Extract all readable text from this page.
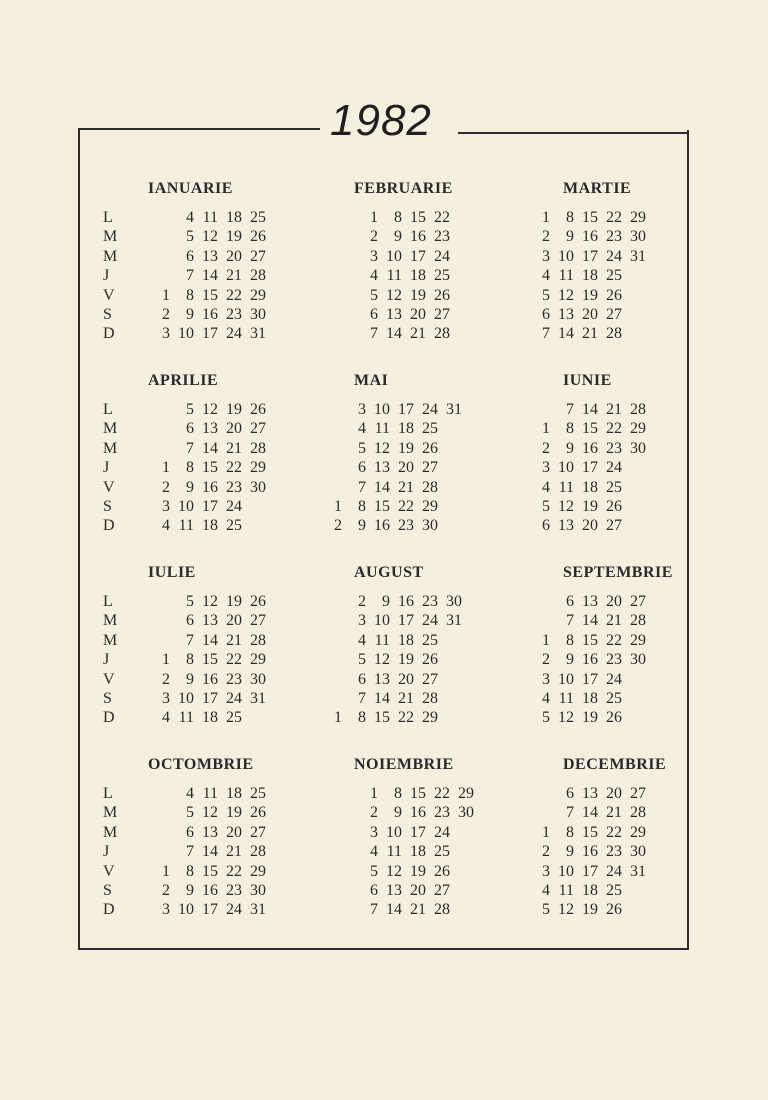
1982
IANUARIE
4 11 18 25
5 12 19 26
6 13 20 27
7 14 21 28
1 8 15 22 29
2 9 16 23 30
3 10 17 24 31
L
M
M
J
V
S
D
FEBRUARIE
1 8 15 22
2 9 16 23
3 10 17 24
4 11 18 25
5 12 19 26
6 13 20 27
7 14 21 28
MARTIE
1 8 15 22 29
2 9 16 23 30
3 10 17 24 31
4 11 18 25
5 12 19 26
6 13 20 27
7 14 21 28
APRILIE
5 12 19 26
6 13 20 27
7 14 21 28
1 8 15 22 29
2 9 16 23 30
3 10 17 24
4 11 18 25
L
M
M
J
V
S
D
MAI
3 10 17 24 31
4 11 18 25
5 12 19 26
6 13 20 27
7 14 21 28
1 8 15 22 29
2 9 16 23 30
IUNIE
7 14 21 28
1 8 15 22 29
2 9 16 23 30
3 10 17 24
4 11 18 25
5 12 19 26
6 13 20 27
IULIE
5 12 19 26
6 13 20 27
7 14 21 28
1 8 15 22 29
2 9 16 23 30
3 10 17 24 31
4 11 18 25
L
M
M
J
V
S
D
AUGUST
2 9 16 23 30
3 10 17 24 31
4 11 18 25
5 12 19 26
6 13 20 27
7 14 21 28
1 8 15 22 29
SEPTEMBRIE
6 13 20 27
7 14 21 28
1 8 15 22 29
2 9 16 23 30
3 10 17 24
4 11 18 25
5 12 19 26
OCTOMBRIE
4 11 18 25
5 12 19 26
6 13 20 27
7 14 21 28
1 8 15 22 29
2 9 16 23 30
3 10 17 24 31
L
M
M
J
V
S
D
NOIEMBRIE
1 8 15 22 29
2 9 16 23 30
3 10 17 24
4 11 18 25
5 12 19 26
6 13 20 27
7 14 21 28
DECEMBRIE
6 13 20 27
7 14 21 28
1 8 15 22 29
2 9 16 23 30
3 10 17 24 31
4 11 18 25
5 12 19 26
